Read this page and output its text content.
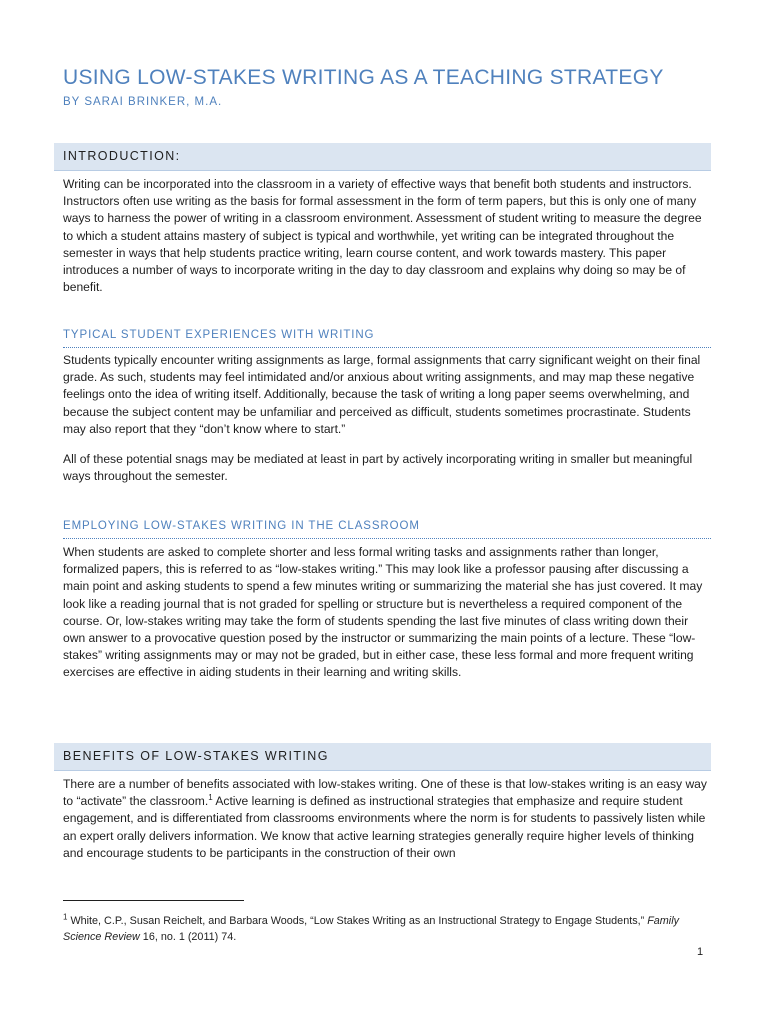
USING LOW-STAKES WRITING AS A TEACHING STRATEGY
BY SARAI BRINKER, M.A.
INTRODUCTION:

Writing can be incorporated into the classroom in a variety of effective ways that benefit both students and instructors. Instructors often use writing as the basis for formal assessment in the form of term papers, but this is only one of many ways to harness the power of writing in a classroom environment. Assessment of student writing to measure the degree to which a student attains mastery of subject is typical and worthwhile, yet writing can be integrated throughout the semester in ways that help students practice writing, learn course content, and work towards mastery. This paper introduces a number of ways to incorporate writing in the day to day classroom and explains why doing so may be of benefit.

TYPICAL STUDENT EXPERIENCES WITH WRITING

Students typically encounter writing assignments as large, formal assignments that carry significant weight on their final grade. As such, students may feel intimidated and/or anxious about writing assignments, and may map these negative feelings onto the idea of writing itself. Additionally, because the task of writing a long paper seems overwhelming, and because the subject content may be unfamiliar and perceived as difficult, students sometimes procrastinate. Students may also report that they “don’t know where to start.”

All of these potential snags may be mediated at least in part by actively incorporating writing in smaller but meaningful ways throughout the semester.

EMPLOYING LOW-STAKES WRITING IN THE CLASSROOM

When students are asked to complete shorter and less formal writing tasks and assignments rather than longer, formalized papers, this is referred to as “low-stakes writing.” This may look like a professor pausing after discussing a main point and asking students to spend a few minutes writing or summarizing the material she has just covered. It may look like a reading journal that is not graded for spelling or structure but is nevertheless a required component of the course. Or, low-stakes writing may take the form of students spending the last five minutes of class writing down their own answer to a provocative question posed by the instructor or summarizing the main points of a lecture. These “low-stakes” writing assignments may or may not be graded, but in either case, these less formal and more frequent writing exercises are effective in aiding students in their learning and writing skills.

BENEFITS OF LOW-STAKES WRITING

There are a number of benefits associated with low-stakes writing. One of these is that low-stakes writing is an easy way to “activate” the classroom.$^1$ Active learning is defined as instructional strategies that emphasize and require student engagement, and is differentiated from classrooms environments where the norm is for students to passively listen while an expert orally delivers information. We know that active learning strategies generally require higher levels of thinking and encourage students to be participants in the construction of their own

$^1$ White, C.P., Susan Reichelt, and Barbara Woods, “Low Stakes Writing as an Instructional Strategy to Engage Students,” Family Science Review 16, no. 1 (2011) 74.
1
